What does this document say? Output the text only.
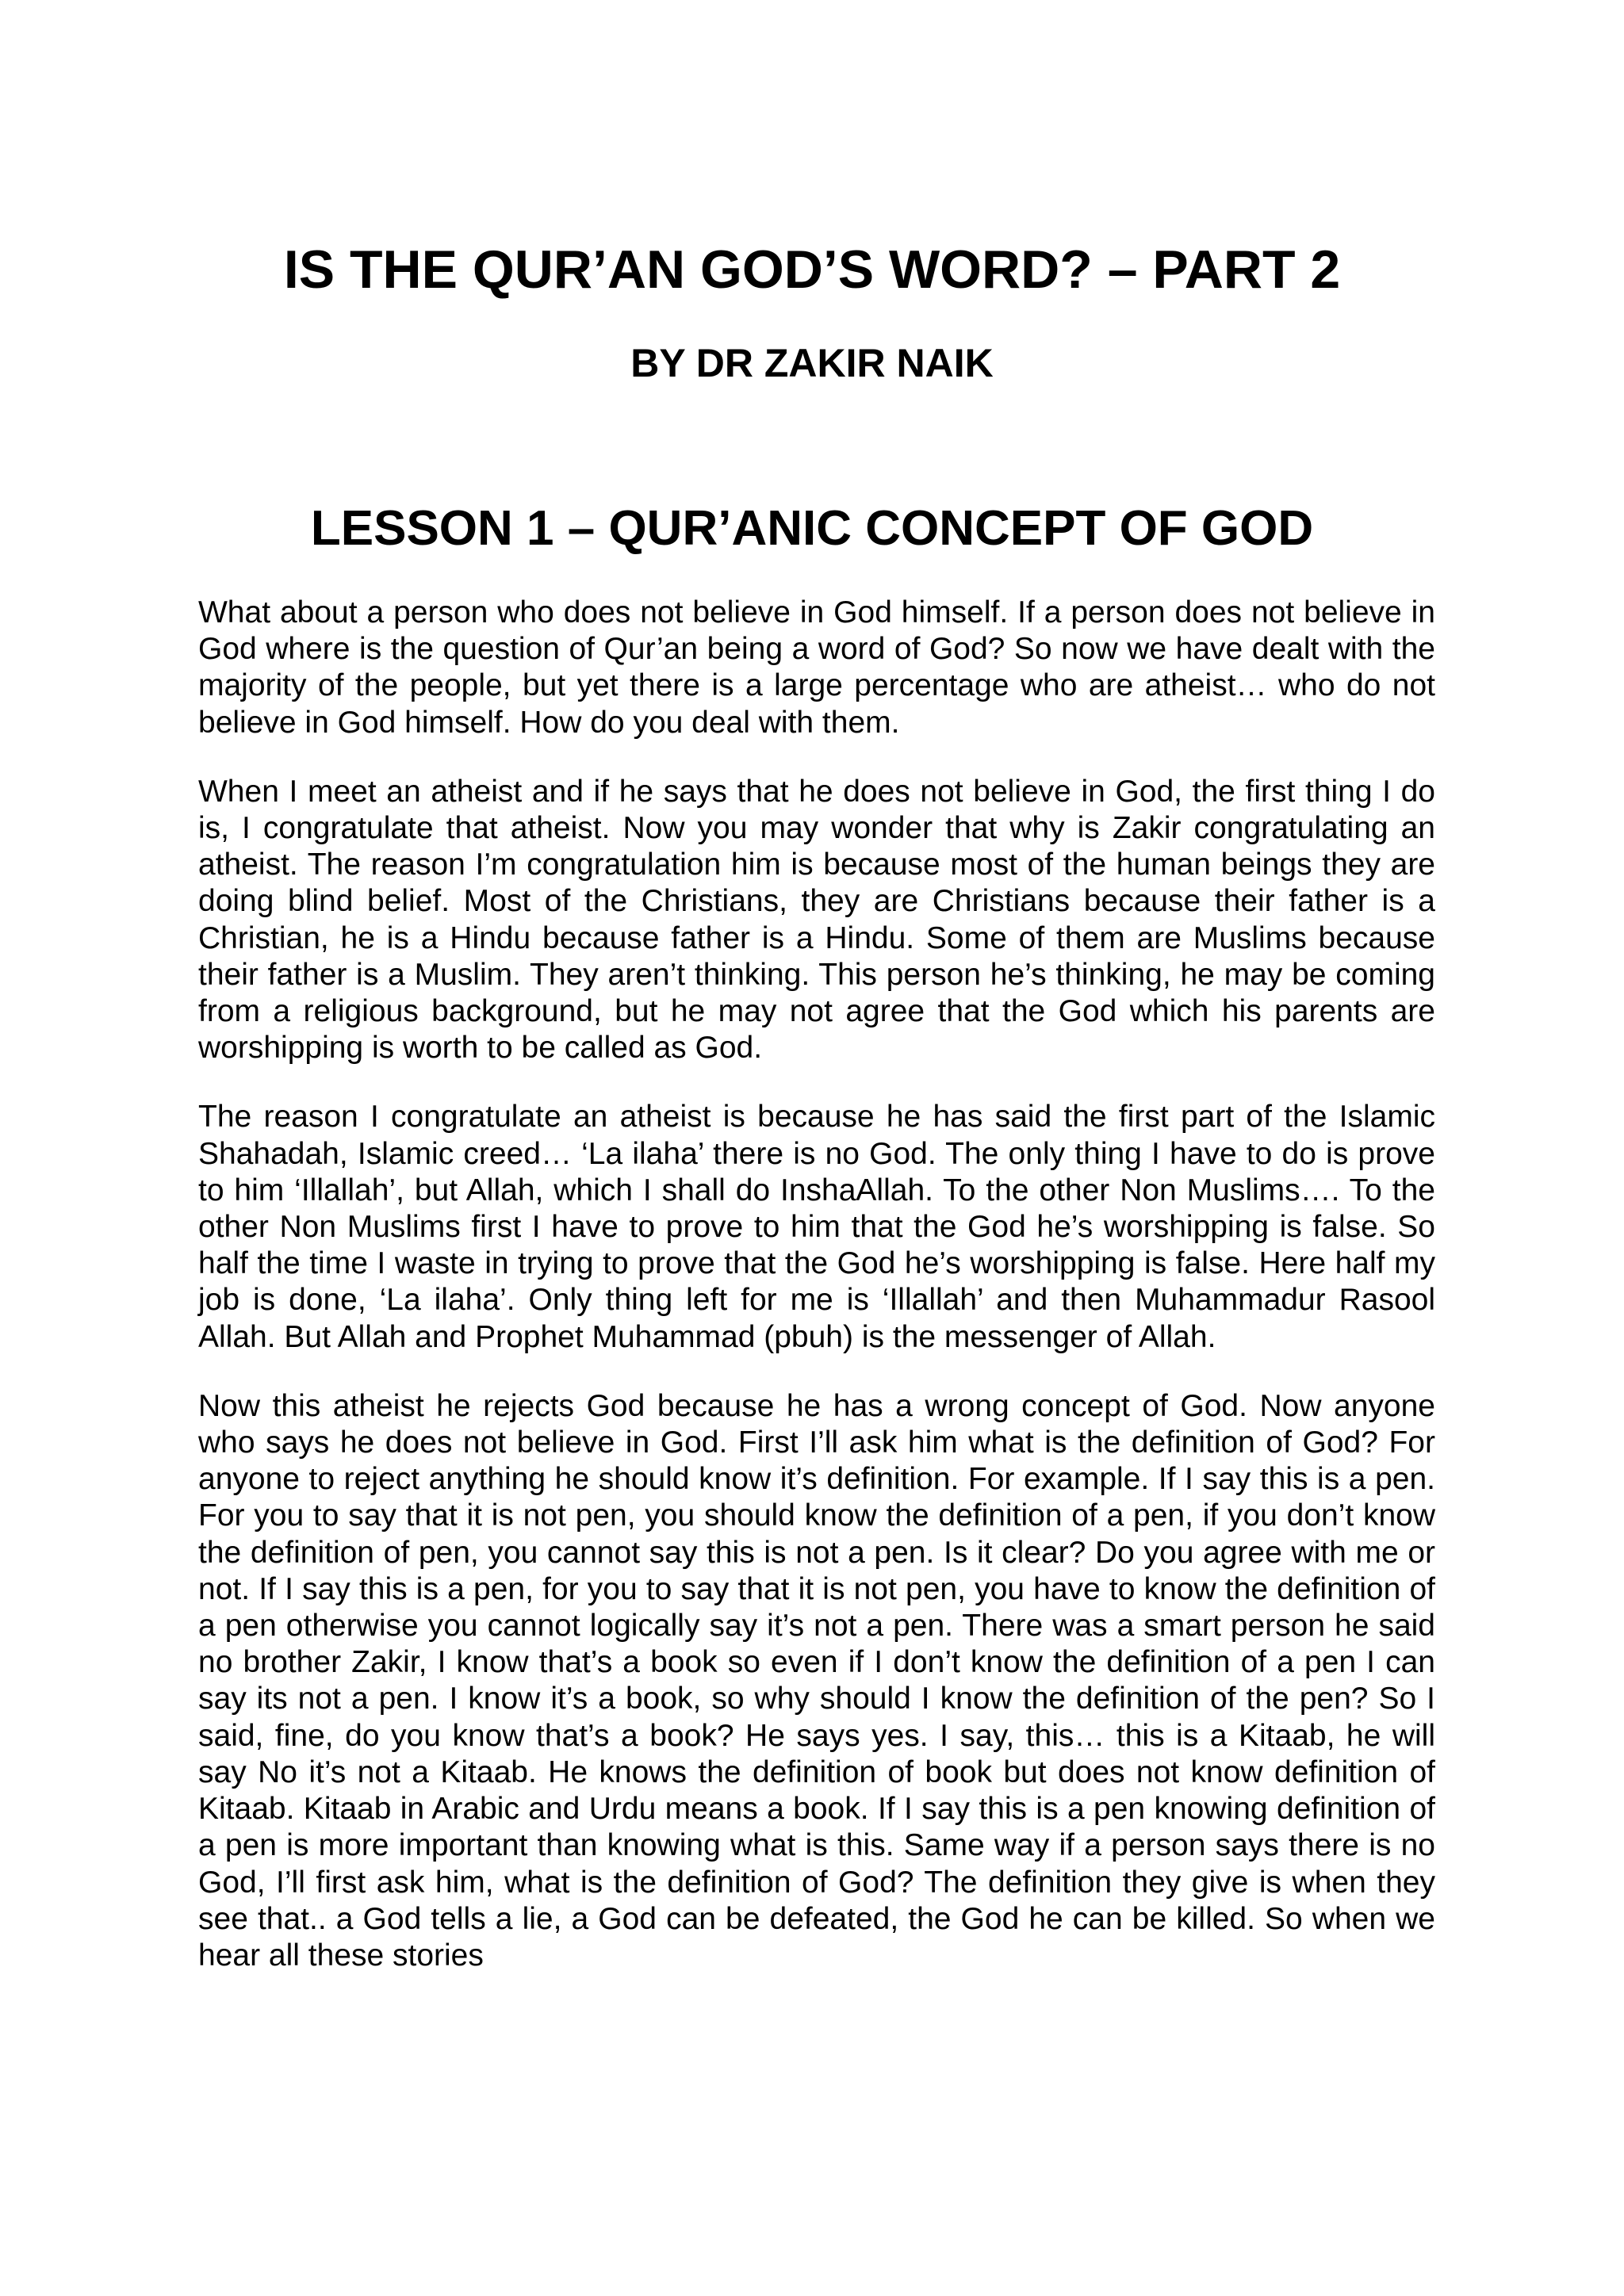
IS THE QUR’AN GOD’S WORD? – PART 2
BY DR ZAKIR NAIK
LESSON 1 – QUR’ANIC CONCEPT OF GOD

What about a person who does not believe in God himself. If a person does not believe in God where is the question of Qur’an being a word of God? So now we have dealt with the majority of the people, but yet there is a large percentage who are atheist… who do not believe in God himself. How do you deal with them.

When I meet an atheist and if he says that he does not believe in God, the first thing I do is, I congratulate that atheist. Now you may wonder that why is Zakir congratulating an atheist. The reason I’m congratulation him is because most of the human beings they are doing blind belief. Most of the Christians, they are Christians because their father is a Christian, he is a Hindu because father is a Hindu. Some of them are Muslims because their father is a Muslim. They aren’t thinking. This person he’s thinking, he may be coming from a religious background, but he may not agree that the God which his parents are worshipping is worth to be called as God.

The reason I congratulate an atheist is because he has said the first part of the Islamic Shahadah, Islamic creed… ‘La ilaha’ there is no God. The only thing I have to do is prove to him ‘Illallah’, but Allah, which I shall do InshaAllah. To the other Non Muslims…. To the other Non Muslims first I have to prove to him that the God he’s worshipping is false. So half the time I waste in trying to prove that the God he’s worshipping is false. Here half my job is done, ‘La ilaha’. Only thing left for me is ‘Illallah’ and then Muhammadur Rasool Allah. But Allah and Prophet Muhammad (pbuh) is the messenger of Allah.

Now this atheist he rejects God because he has a wrong concept of God. Now anyone who says he does not believe in God. First I’ll ask him what is the definition of God? For anyone to reject anything he should know it’s definition. For example. If I say this is a pen. For you to say that it is not pen, you should know the definition of a pen, if you don’t know the definition of pen, you cannot say this is not a pen. Is it clear? Do you agree with me or not. If I say this is a pen, for you to say that it is not pen, you have to know the definition of a pen otherwise you cannot logically say it’s not a pen. There was a smart person he said no brother Zakir, I know that’s a book so even if I don’t know the definition of a pen I can say its not a pen. I know it’s a book, so why should I know the definition of the pen? So I said, fine, do you know that’s a book? He says yes. I say, this… this is a Kitaab, he will say No it’s not a Kitaab. He knows the definition of book but does not know definition of Kitaab. Kitaab in Arabic and Urdu means a book. If I say this is a pen knowing definition of a pen is more important than knowing what is this. Same way if a person says there is no God, I’ll first ask him, what is the definition of God? The definition they give is when they see that.. a God tells a lie, a God can be defeated, the God he can be killed. So when we hear all these stories
